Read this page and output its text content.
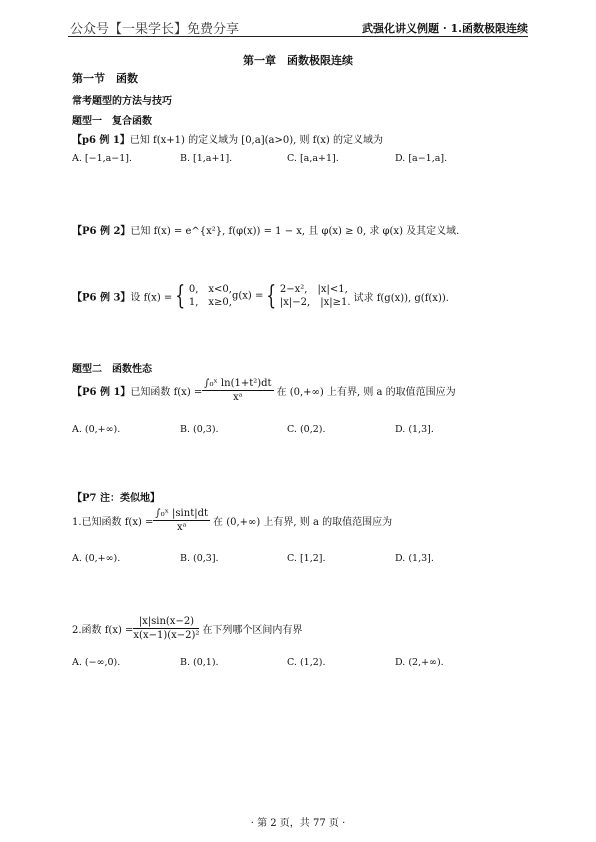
公众号【一果学长】免费分享	武强化讲义例题 · 1.函数极限连续
第一章　函数极限连续
第一节　函数
常考题型的方法与技巧
题型一　复合函数
【p6 例 1】已知 f(x+1) 的定义域为 [0,a](a>0), 则 f(x) 的定义域为
A. [−1,a−1].	B. [1,a+1].	C. [a,a+1].	D. [a−1,a].
【P6 例 2】已知 f(x) = e^{x²}, f(φ(x)) = 1 − x, 且 φ(x) ≥ 0, 求 φ(x) 及其定义域.
【P6 例 3】设 f(x) = { 0,　x<0,
1,　x≥0,
g(x) = { 2−x²,　|x|<1,
|x|−2,　|x|≥1. 试求 f(g(x)), g(f(x)).
题型二　函数性态
【P6 例 1】已知函数 $f(x) = \frac{\text{∫₀ˣ ln(1+t²)dt}}{\text{xᵃ}}$ 在 (0,+∞) 上有界, 则 a 的取值范围应为
A. (0,+∞).	B. (0,3).	C. (0,2).	D. (1,3].
【P7 注：类似地】
1.已知函数 $f(x) = \frac{\text{∫₀ˣ |sint|dt}}{\text{xᵃ}}$ 在 (0,+∞) 上有界, 则 a 的取值范围应为
A. (0,+∞).	B. (0,3].	C. [1,2].	D. (1,3].
2.函数 $f(x) = \frac{|x|\sin(x-2)}{\text{x(x−1)(x−2)²}}$ 在下列哪个区间内有界
A. (−∞,0).	B. (0,1).	C. (1,2).	D. (2,+∞).
· 第 2 页，共 77 页 ·
